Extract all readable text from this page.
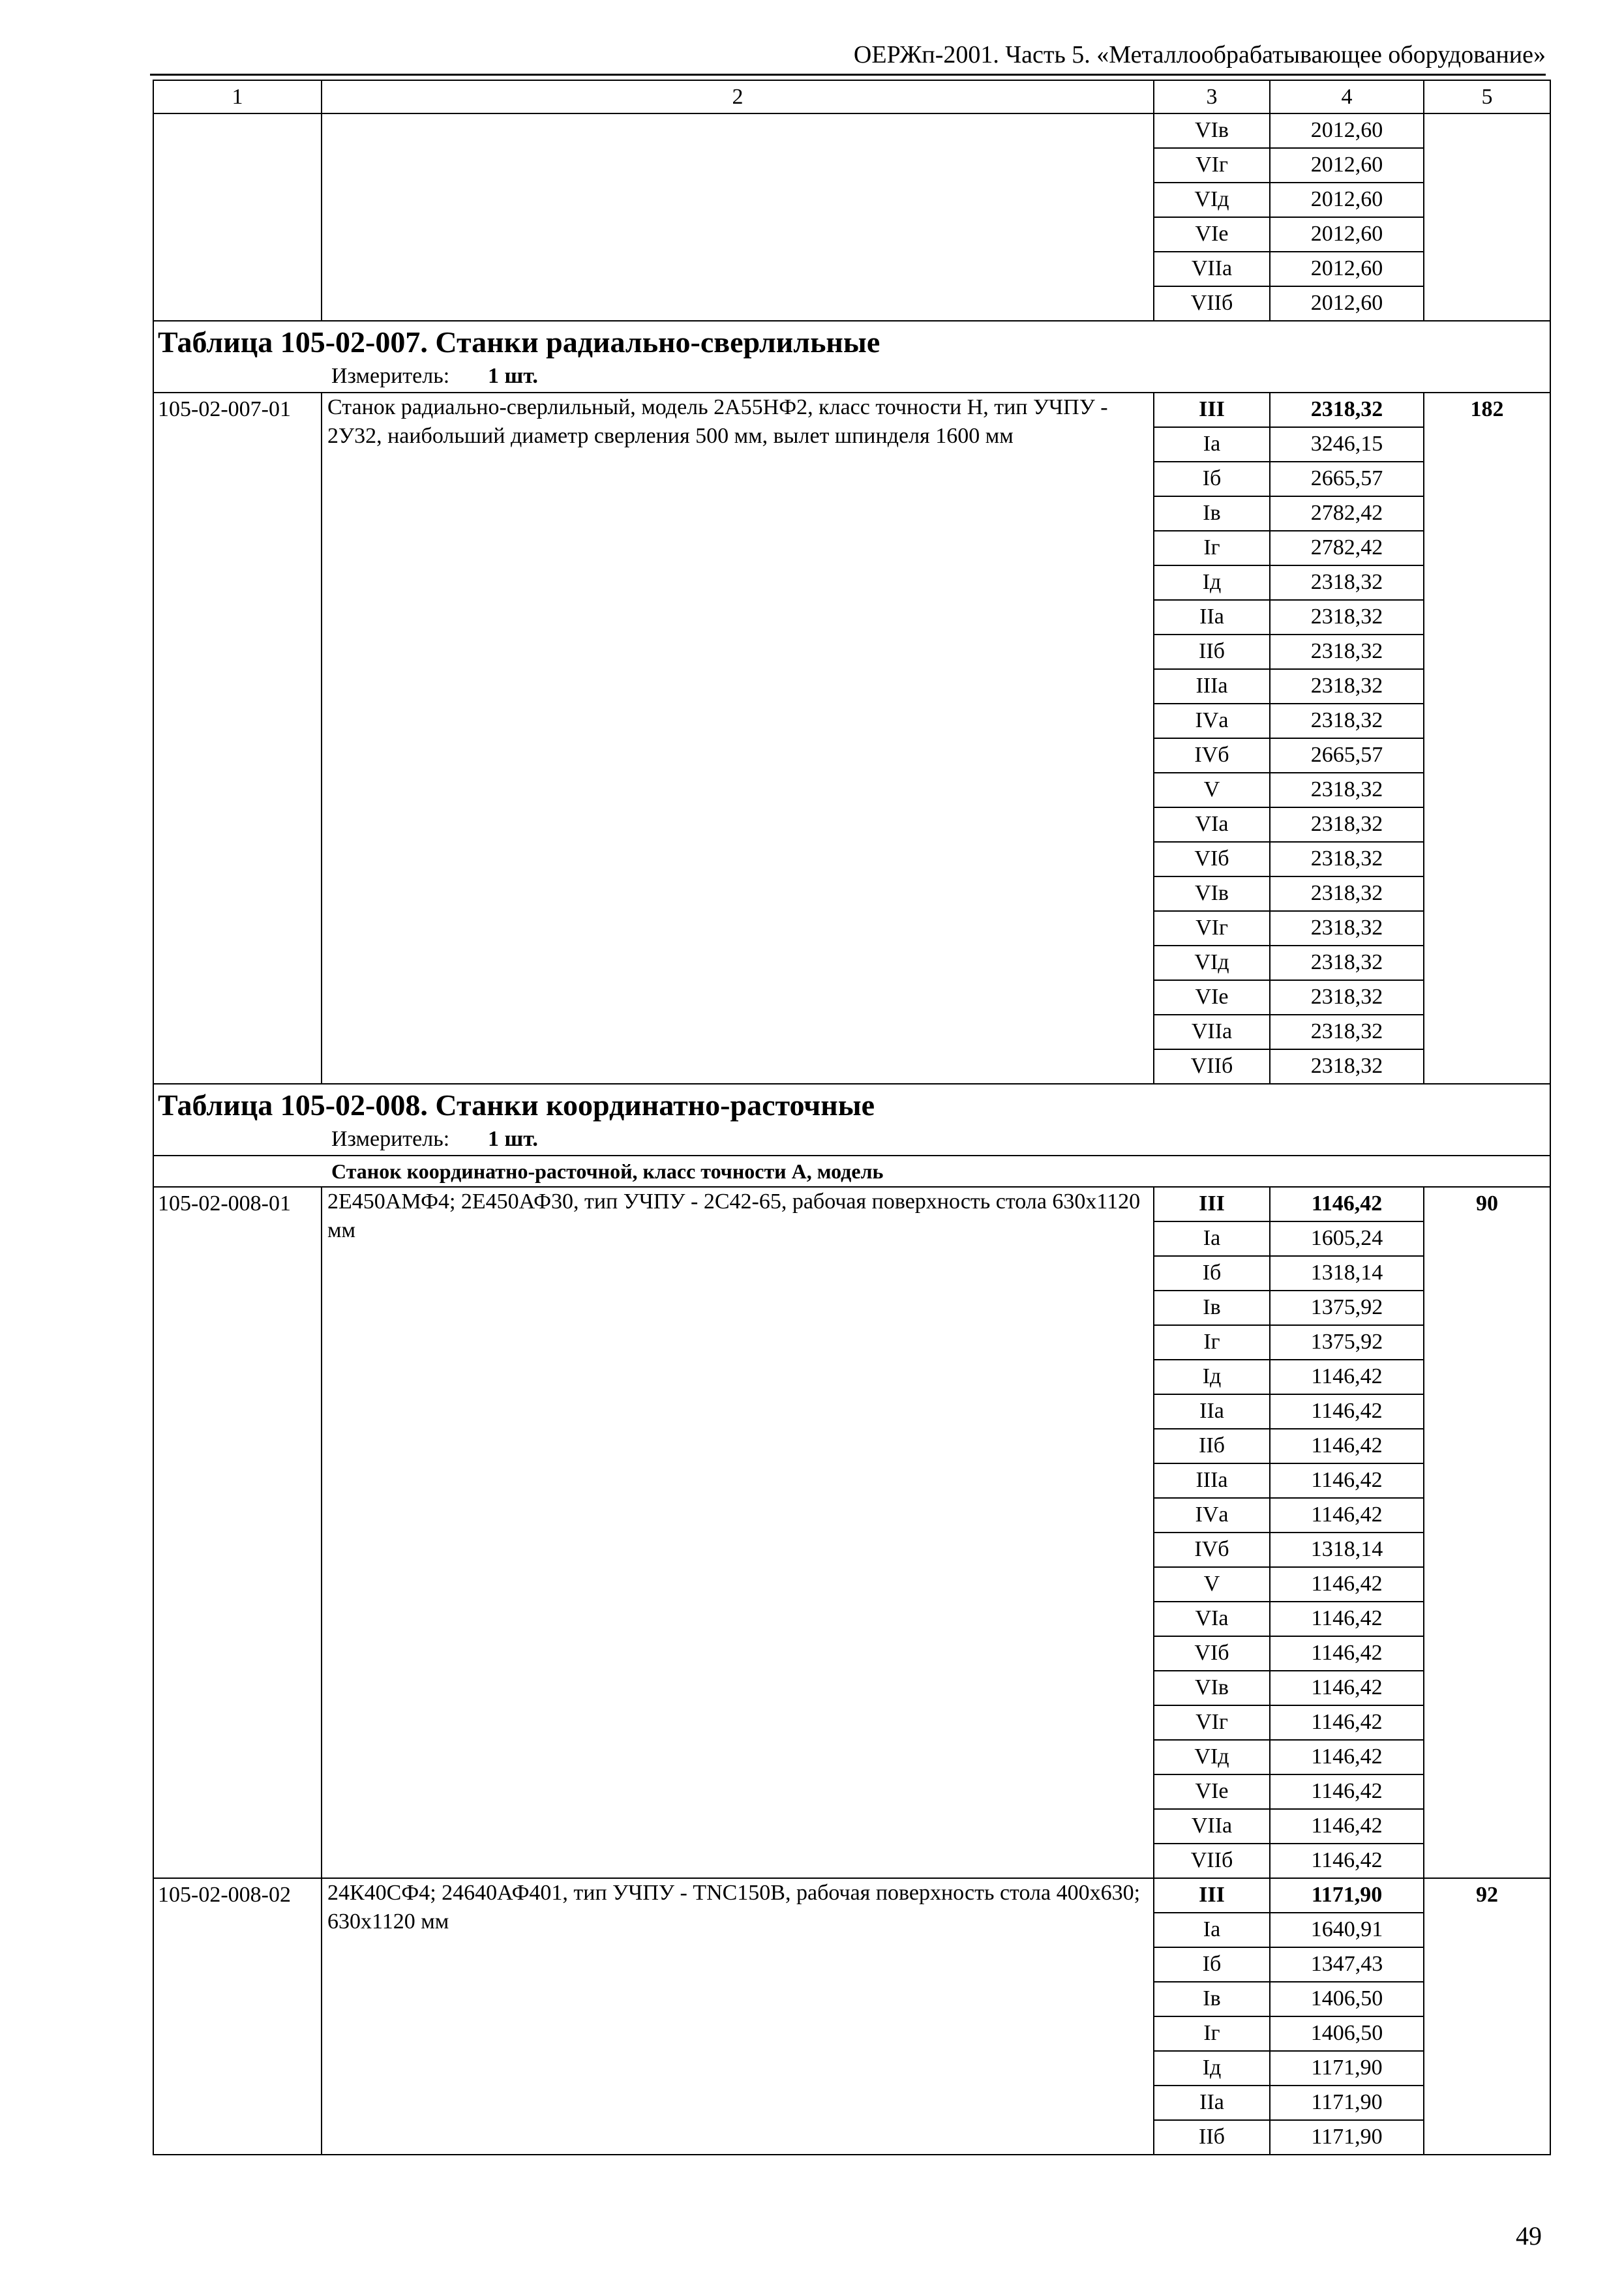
ОЕРЖп-2001. Часть 5. «Металлообрабатывающее оборудование»
1	2	3	4	5
		VIв	2012,60	
		VIг	2012,60	
		VIд	2012,60	
		VIе	2012,60	
		VIIа	2012,60	
		VIIб	2012,60	
Таблица 105-02-007. Станки радиально-сверлильные				
Измеритель: 1 шт.				
105-02-007-01	Станок радиально-сверлильный, модель 2А55НФ2, класс точности Н, тип УЧПУ - 2У32, наибольший диаметр сверления 500 мм, вылет шпинделя 1600 мм	III	2318,32	182
		Iа	3246,15	
		Iб	2665,57	
		Iв	2782,42	
		Iг	2782,42	
		Iд	2318,32	
		IIа	2318,32	
		IIб	2318,32	
		IIIа	2318,32	
		IVа	2318,32	
		IVб	2665,57	
		V	2318,32	
		VIа	2318,32	
		VIб	2318,32	
		VIв	2318,32	
		VIг	2318,32	
		VIд	2318,32	
		VIе	2318,32	
		VIIа	2318,32	
		VIIб	2318,32	
Таблица 105-02-008. Станки координатно-расточные				
Измеритель: 1 шт.				
Станок координатно-расточной, класс точности А, модель				
105-02-008-01	2Е450АМФ4; 2Е450АФ30, тип УЧПУ - 2С42-65, рабочая поверхность стола 630х1120 мм	III	1146,42	90
		Iа	1605,24	
		Iб	1318,14	
		Iв	1375,92	
		Iг	1375,92	
		Iд	1146,42	
		IIа	1146,42	
		IIб	1146,42	
		IIIа	1146,42	
		IVа	1146,42	
		IVб	1318,14	
		V	1146,42	
		VIа	1146,42	
		VIб	1146,42	
		VIв	1146,42	
		VIг	1146,42	
		VIд	1146,42	
		VIе	1146,42	
		VIIа	1146,42	
		VIIб	1146,42	
105-02-008-02	24К40СФ4; 24640АФ401, тип УЧПУ - TNC150B, рабочая поверхность стола 400х630; 630х1120 мм	III	1171,90	92
		Iа	1640,91	
		Iб	1347,43	
		Iв	1406,50	
		Iг	1406,50	
		Iд	1171,90	
		IIа	1171,90	
		IIб	1171,90	
49
